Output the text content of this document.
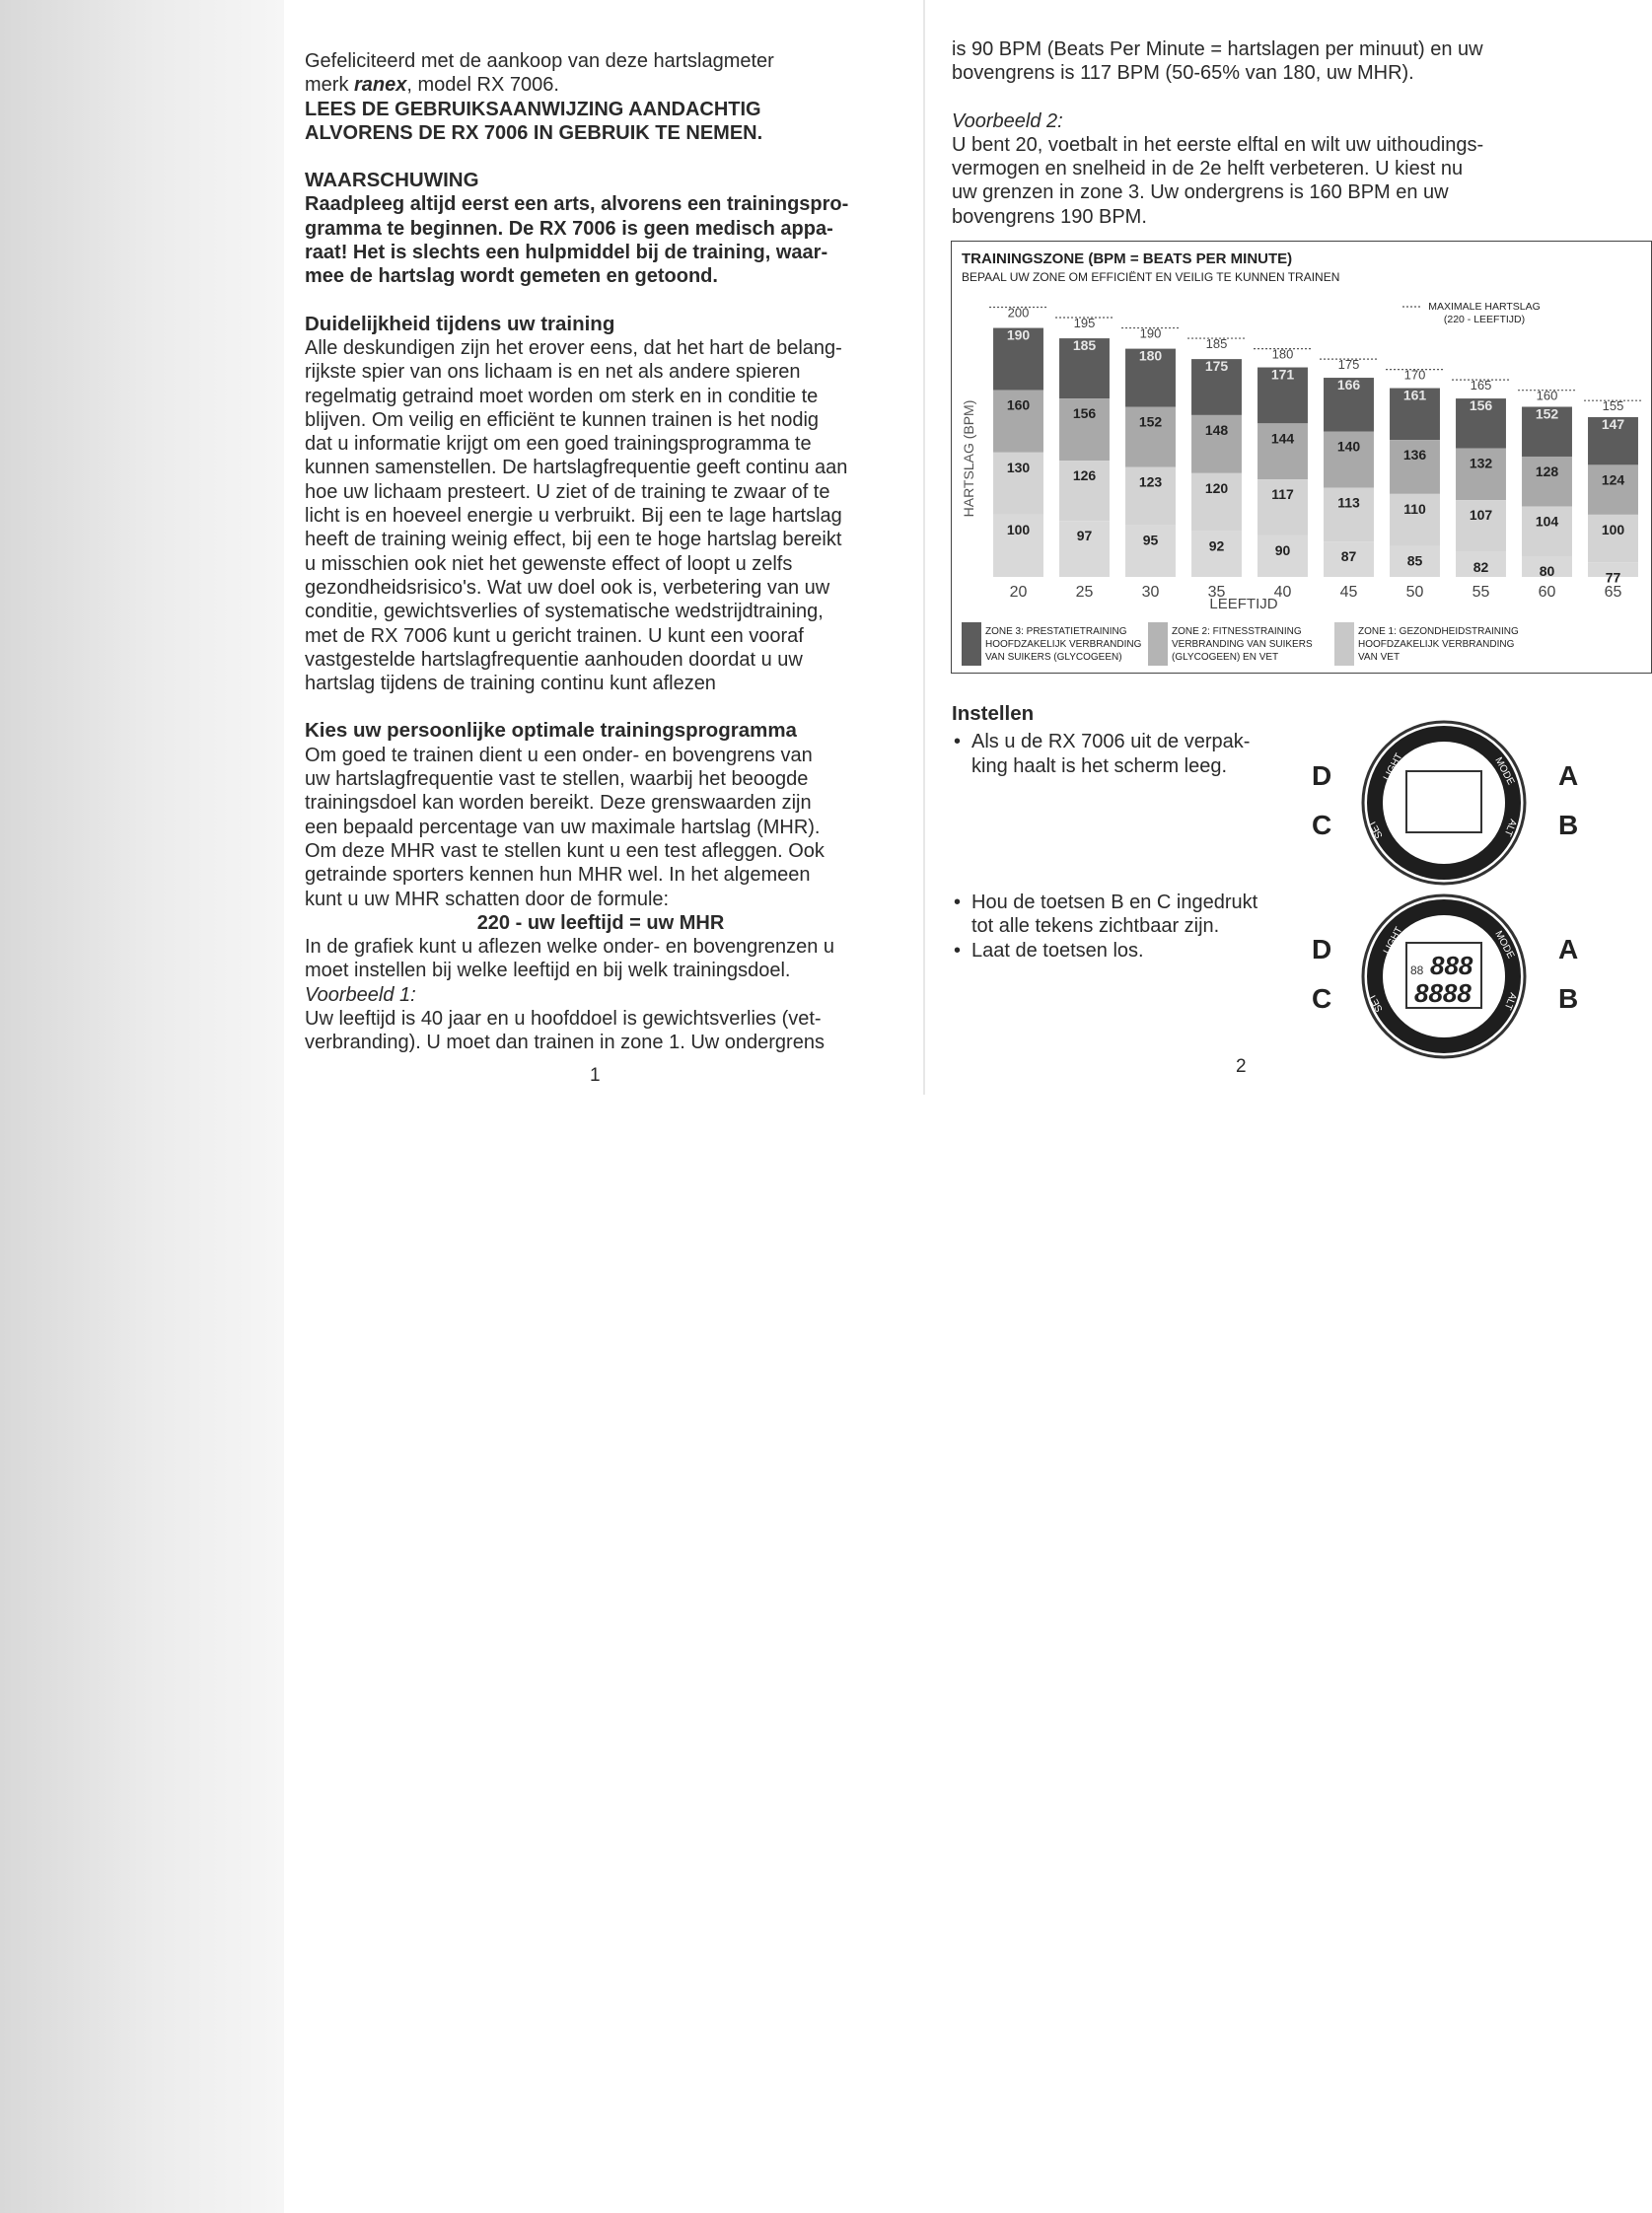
Gefeliciteerd met de aankoop van deze hartslagmeter

merk ranex, model RX 7006.

LEES DE GEBRUIKSAANWIJZING AANDACHTIG

ALVORENS DE RX 7006 IN GEBRUIK TE NEMEN.

WAARSCHUWING

Raadpleeg altijd eerst een arts, alvorens een trainingspro-

gramma te beginnen. De RX 7006 is geen medisch appa-

raat! Het is slechts een hulpmiddel bij de training, waar-

mee de hartslag wordt gemeten en getoond.

Duidelijkheid tijdens uw training

Alle deskundigen zijn het erover eens, dat het hart de belang-

rijkste spier van ons lichaam is en net als andere spieren

regelmatig getraind moet worden om sterk en in conditie te

blijven. Om veilig en efficiënt te kunnen trainen is het nodig

dat u informatie krijgt om een goed trainingsprogramma te

kunnen samenstellen. De hartslagfrequentie geeft continu aan

hoe uw lichaam presteert. U ziet of de training te zwaar of te

licht is en hoeveel energie u verbruikt. Bij een te lage hartslag

heeft de training weinig effect, bij een te hoge hartslag bereikt

u misschien ook niet het gewenste effect of loopt u zelfs

gezondheidsrisico's. Wat uw doel ook is, verbetering van uw

conditie, gewichtsverlies of systematische wedstrijdtraining,

met de RX 7006 kunt u gericht trainen. U kunt een vooraf

vastgestelde hartslagfrequentie aanhouden doordat u uw

hartslag tijdens de training continu kunt aflezen

Kies uw persoonlijke optimale trainingsprogramma

Om goed te trainen dient u een onder- en bovengrens van

uw hartslagfrequentie vast te stellen, waarbij het beoogde

trainingsdoel kan worden bereikt. Deze grenswaarden zijn

een bepaald percentage van uw maximale hartslag (MHR).

Om deze MHR vast te stellen kunt u een test afleggen. Ook

getrainde sporters kennen hun MHR wel. In het algemeen

kunt u uw MHR schatten door de formule:

220 - uw leeftijd = uw MHR

In de grafiek kunt u aflezen welke onder- en bovengrenzen u

moet instellen bij welke leeftijd en bij welk trainingsdoel.

Voorbeeld 1:

Uw leeftijd is 40 jaar en u hoofddoel is gewichtsverlies (vet-

verbranding). U moet dan trainen in zone 1. Uw ondergrens

1

is 90 BPM (Beats Per Minute = hartslagen per minuut) en uw

bovengrens is 117 BPM (50-65% van 180, uw MHR).

Voorbeeld 2:

U bent 20, voetbalt in het eerste elftal en wilt uw uithoudings-

vermogen en snelheid in de 2e helft verbeteren. U kiest nu

uw grenzen in zone 3. Uw ondergrens is 160 BPM en uw

bovengrens 190 BPM.

TRAININGSZONE (BPM = BEATS PER MINUTE)
BEPAAL UW ZONE OM EFFICIËNT EN VEILIG TE KUNNEN TRAINEN
HARTSLAG (BPM)
LEEFTIJD
MAXIMALE HARTSLAG
(220 - LEEFTIJD)
200
190
160
130
100
195
185
156
126
97
190
180
152
123
95
185
175
148
120
92
180
171
144
117
90
175
166
140
113
87
170
161
136
110
85
165
156
132
107
82
160
152
128
104
80
155
147
124
100
77
20	25	30	35	40	45	50	55	60	65
ZONE 3: PRESTATIETRAINING
HOOFDZAKELIJK VERBRANDING
VAN SUIKERS (GLYCOGEEN)
ZONE 2: FITNESSTRAINING
VERBRANDING VAN SUIKERS
(GLYCOGEEN) EN VET
ZONE 1: GEZONDHEIDSTRAINING
HOOFDZAKELIJK VERBRANDING
VAN VET

Instellen

• Als u de RX 7006 uit de verpak-
king haalt is het scherm leeg.
• Hou de toetsen B en C ingedrukt
tot alle tekens zichtbaar zijn.
• Laat de toetsen los.
LIGHT
SET
MODE
ALT
D
C
A
B
88 888
8888
LIGHT
SET
MODE
ALT
D
C
A
B
2
